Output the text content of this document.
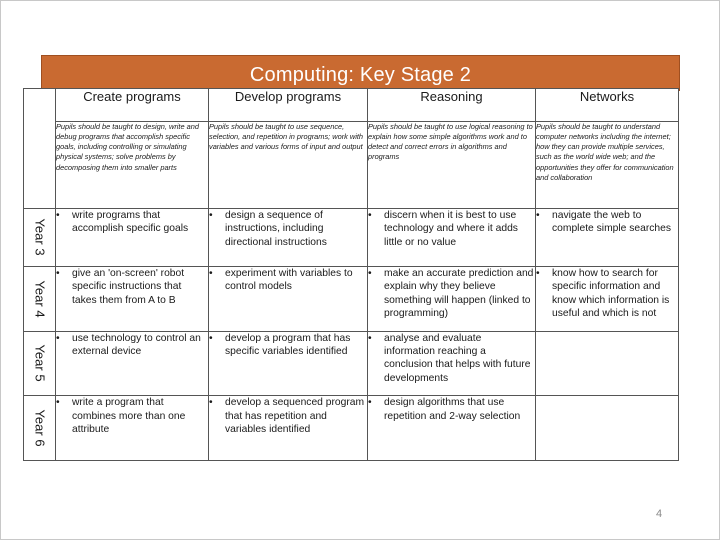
Computing: Key Stage 2
	Create programs	Develop programs	Reasoning	Networks
	Pupils should be taught to design, write and debug programs that accomplish specific goals, including controlling or simulating physical systems; solve problems by decomposing them into smaller parts	Pupils should be taught to use sequence, selection, and repetition in programs; work with variables and various forms of input and output	Pupils should be taught to use logical reasoning to explain how some simple algorithms work and to detect and correct errors in algorithms and programs	Pupils should be taught to understand computer networks including the internet; how they can provide multiple services, such as the world wide web; and the opportunities they offer for communication and collaboration

Year 3	• write programs that accomplish specific goals	• design a sequence of instructions, including directional instructions	• discern when it is best to use technology and where it adds little or no value	• navigate the web to complete simple searches

Year 4	• give an 'on-screen' robot specific instructions that takes them from A to B	• experiment with variables to control models	• make an accurate prediction and explain why they believe something will happen (linked to programming)	• know how to search for specific information and know which information is useful and which is not

Year 5	• use technology to control an external device	• develop a program that has specific variables identified	• analyse and evaluate information reaching a conclusion that helps with future developments	

Year 6	• write a program that combines more than one attribute	• develop a sequenced program that has repetition and variables identified	• design algorithms that use repetition and 2-way selection	

4
